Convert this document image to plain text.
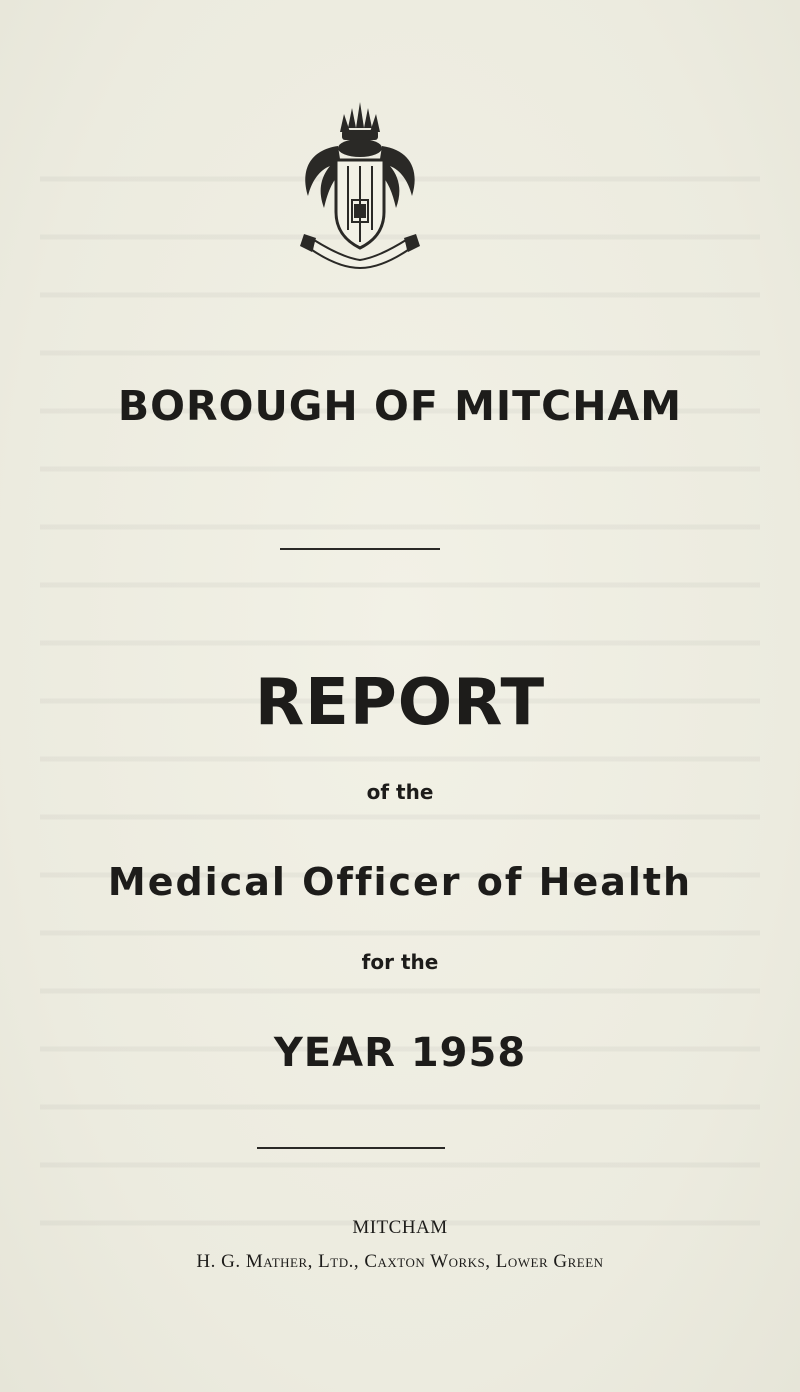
BOROUGH OF MITCHAM
REPORT
of the
Medical Officer of Health
for the
YEAR 1958
MITCHAM
H. G. Mather, Ltd., Caxton Works, Lower Green
